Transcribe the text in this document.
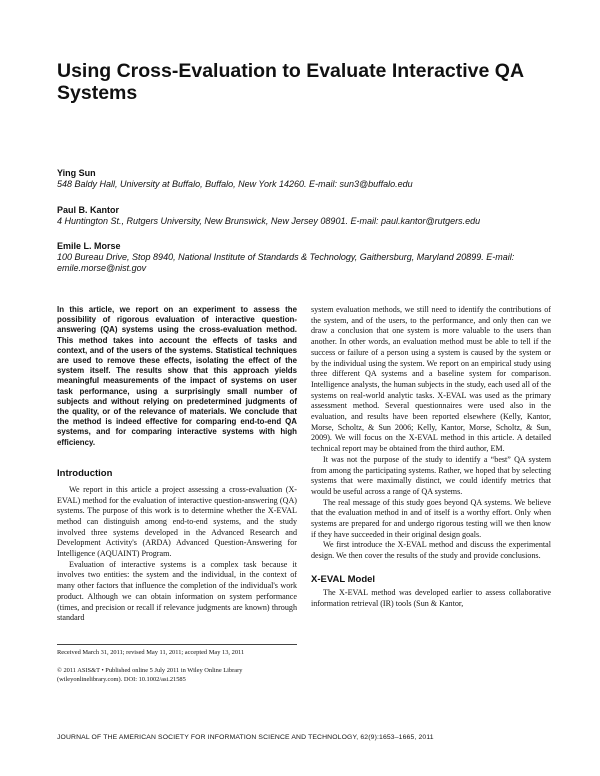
Using Cross-Evaluation to Evaluate Interactive QA Systems
Ying Sun
548 Baldy Hall, University at Buffalo, Buffalo, New York 14260. E-mail: sun3@buffalo.edu
Paul B. Kantor
4 Huntington St., Rutgers University, New Brunswick, New Jersey 08901. E-mail: paul.kantor@rutgers.edu
Emile L. Morse
100 Bureau Drive, Stop 8940, National Institute of Standards & Technology, Gaithersburg, Maryland 20899. E-mail: emile.morse@nist.gov

In this article, we report on an experiment to assess the possibility of rigorous evaluation of interactive question-answering (QA) systems using the cross-evaluation method. This method takes into account the effects of tasks and context, and of the users of the systems. Statistical techniques are used to remove these effects, isolating the effect of the system itself. The results show that this approach yields meaningful measurements of the impact of systems on user task performance, using a surprisingly small number of subjects and without relying on predetermined judgments of the quality, or of the relevance of materials. We conclude that the method is indeed effective for comparing end-to-end QA systems, and for comparing interactive systems with high efficiency.

Introduction

We report in this article a project assessing a cross-evaluation (X-EVAL) method for the evaluation of interactive question-answering (QA) systems. The purpose of this work is to determine whether the X-EVAL method can distinguish among end-to-end systems, and the study involved three systems developed in the Advanced Research and Development Activity's (ARDA) Advanced Question-Answering for Intelligence (AQUAINT) Program.

Evaluation of interactive systems is a complex task because it involves two entities: the system and the individual, in the context of many other factors that influence the completion of the individual's work product. Although we can obtain information on system performance (times, and precision or recall if relevance judgments are known) through standard

system evaluation methods, we still need to identify the contributions of the system, and of the users, to the performance, and only then can we draw a conclusion that one system is more valuable to the users than another. In other words, an evaluation method must be able to tell if the success or failure of a person using a system is caused by the system or by the individual using the system. We report on an empirical study using three different QA systems and a baseline system for comparison. Intelligence analysts, the human subjects in the study, each used all of the systems on real-world analytic tasks. X-EVAL was used as the primary assessment method. Several questionnaires were used also in the evaluation, and results have been reported elsewhere (Kelly, Kantor, Morse, Scholtz, & Sun 2006; Kelly, Kantor, Morse, Scholtz, & Sun, 2009). We will focus on the X-EVAL method in this article. A detailed technical report may be obtained from the third author, EM.

It was not the purpose of the study to identify a “best” QA system from among the participating systems. Rather, we hoped that by selecting systems that were maximally distinct, we could identify metrics that would be useful across a range of QA systems.

The real message of this study goes beyond QA systems. We believe that the evaluation method in and of itself is a worthy effort. Only when systems are prepared for and undergo rigorous testing will we then know if they have succeeded in their original design goals.

We first introduce the X-EVAL method and discuss the experimental design. We then cover the results of the study and provide conclusions.

X-EVAL Model

The X-EVAL method was developed earlier to assess collaborative information retrieval (IR) tools (Sun & Kantor,

Received March 31, 2011; revised May 11, 2011; accepted May 13, 2011

© 2011 ASIS&T • Published online 5 July 2011 in Wiley Online Library (wileyonlinelibrary.com). DOI: 10.1002/asi.21585

JOURNAL OF THE AMERICAN SOCIETY FOR INFORMATION SCIENCE AND TECHNOLOGY, 62(9):1653–1665, 2011
